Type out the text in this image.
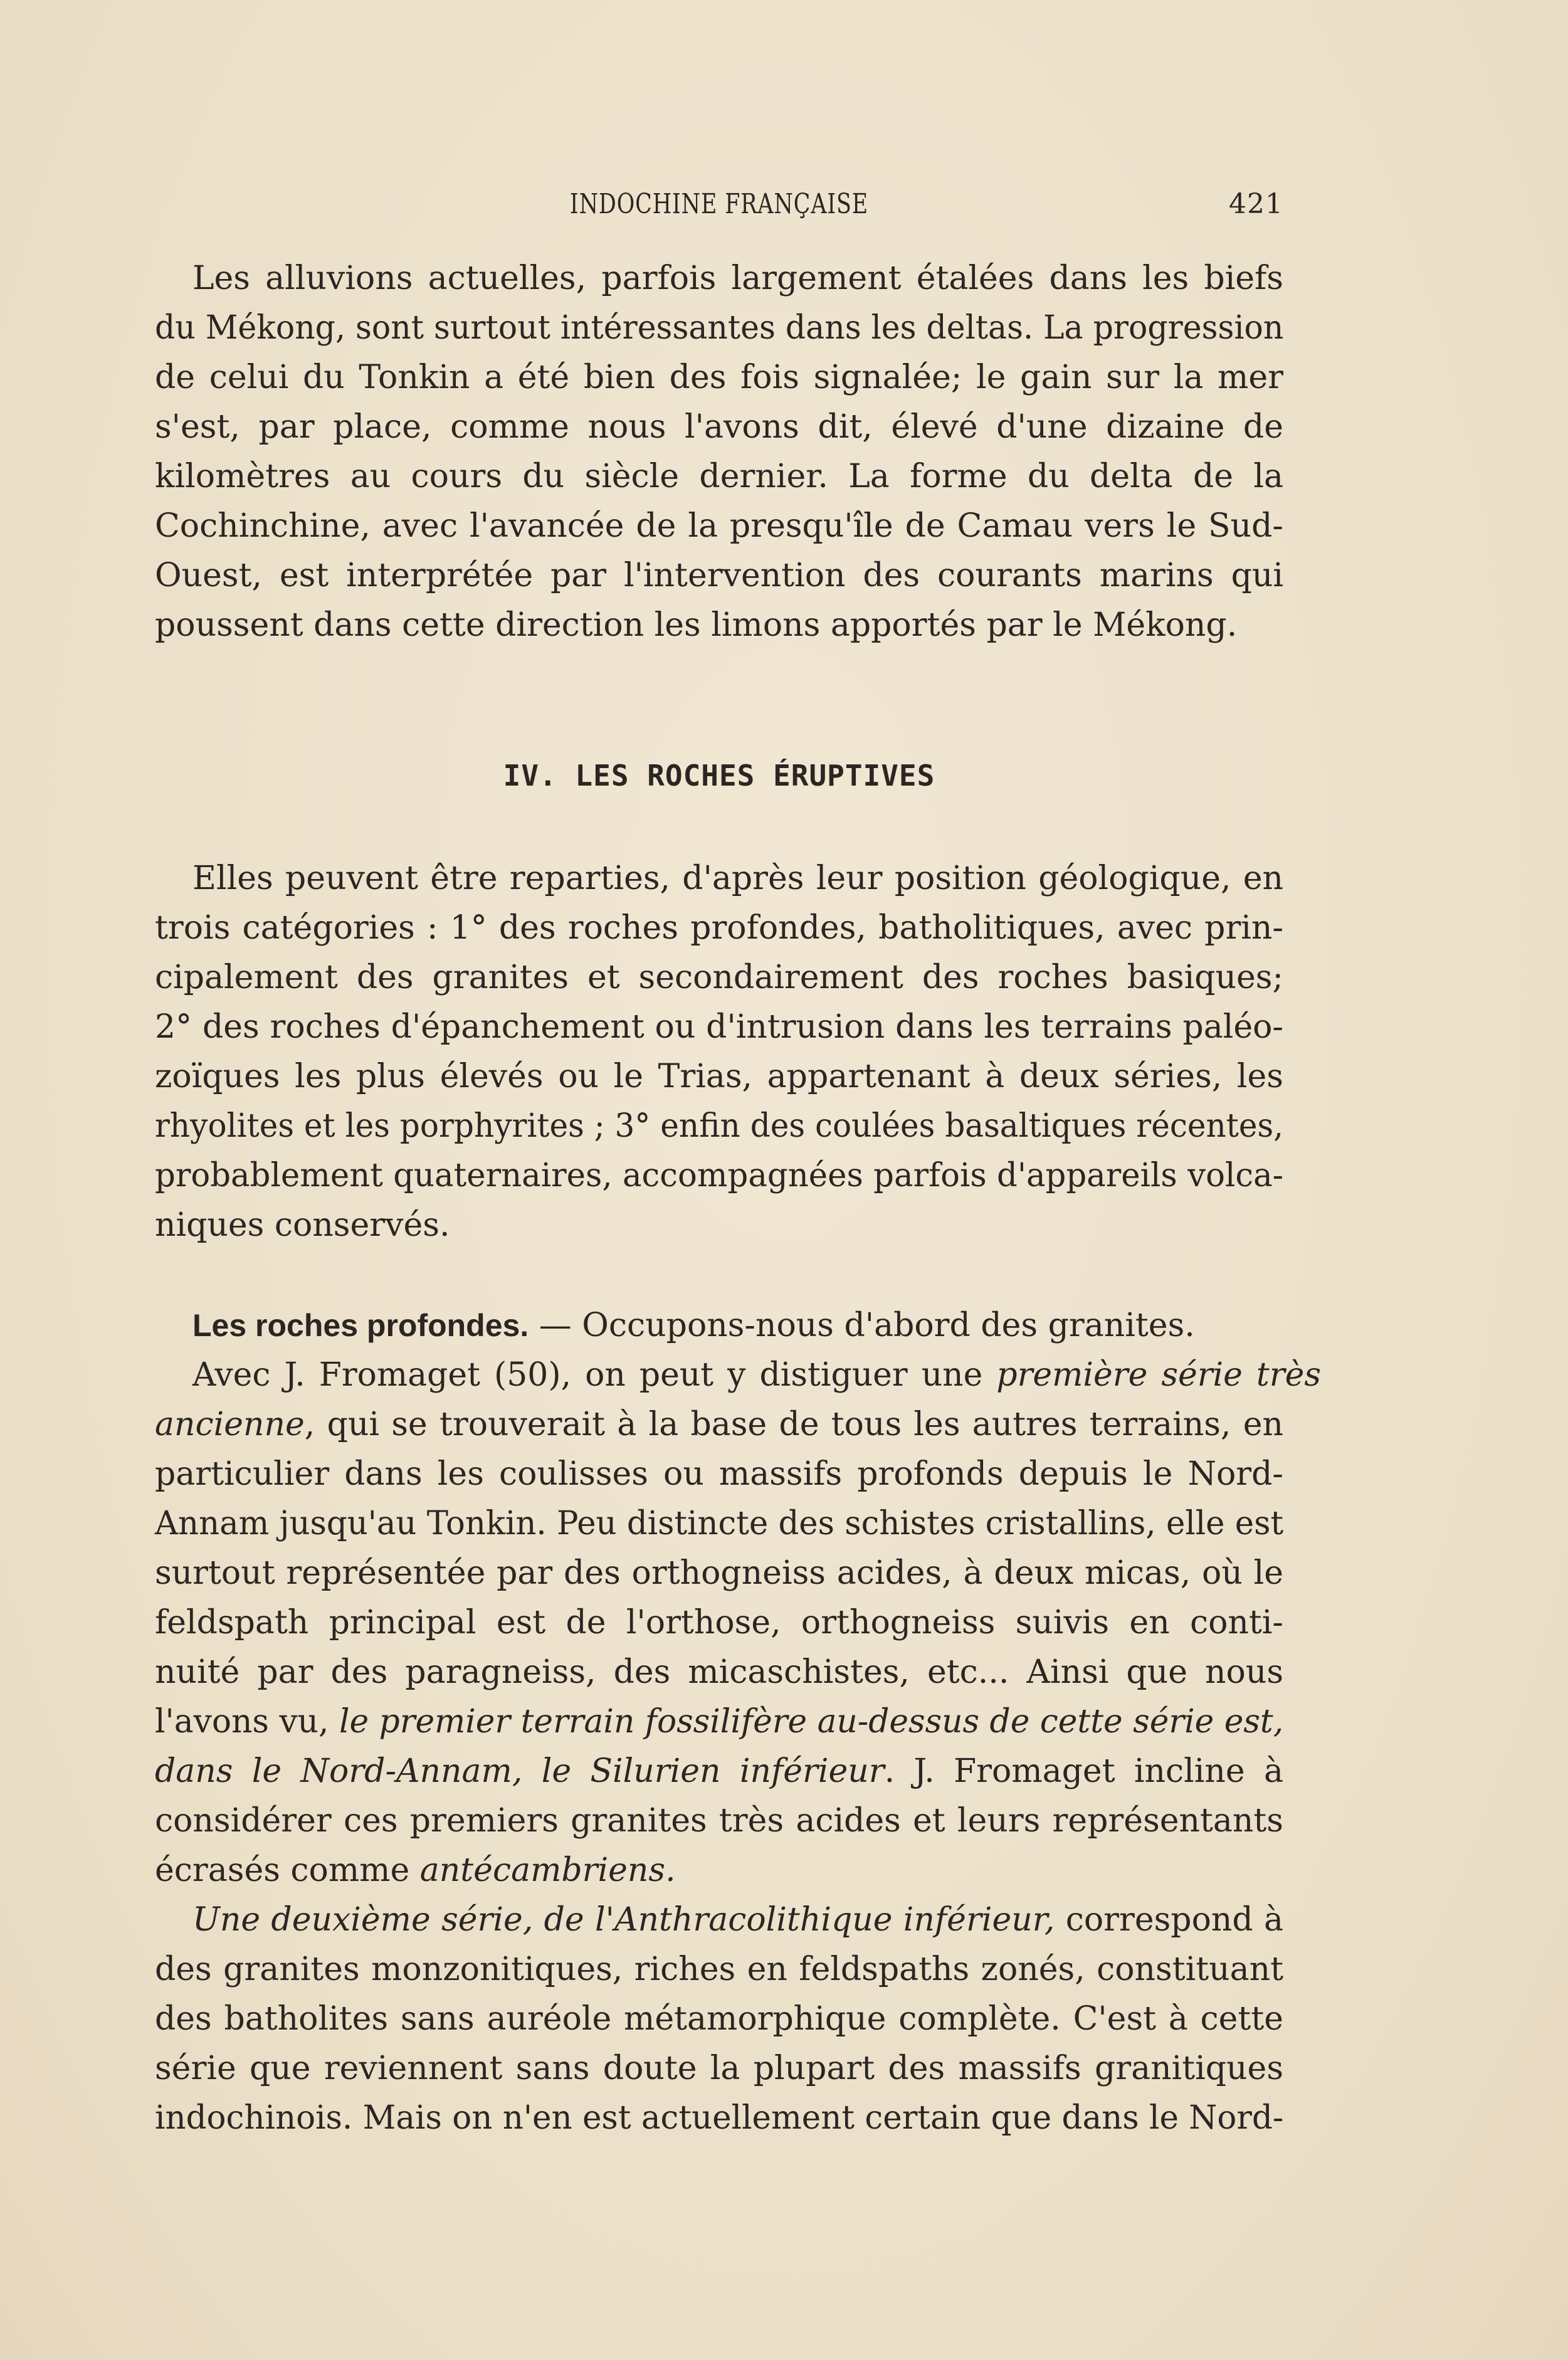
INDOCHINE FRANÇAISE	421
Les alluvions actuelles, parfois largement étalées dans les biefs
du Mékong, sont surtout intéressantes dans les deltas. La progression
de celui du Tonkin a été bien des fois signalée; le gain sur la mer
s'est, par place, comme nous l'avons dit, élevé d'une dizaine de
kilomètres au cours du siècle dernier. La forme du delta de la
Cochinchine, avec l'avancée de la presqu'île de Camau vers le Sud-
Ouest, est interprétée par l'intervention des courants marins qui
poussent dans cette direction les limons apportés par le Mékong.
IV. LES ROCHES ÉRUPTIVES
Elles peuvent être reparties, d'après leur position géologique, en
trois catégories : 1° des roches profondes, batholitiques, avec prin-
cipalement des granites et secondairement des roches basiques;
2° des roches d'épanchement ou d'intrusion dans les terrains paléo-
zoïques les plus élevés ou le Trias, appartenant à deux séries, les
rhyolites et les porphyrites ; 3° enfin des coulées basaltiques récentes,
probablement quaternaires, accompagnées parfois d'appareils volca-
niques conservés.
Les roches profondes. — Occupons-nous d'abord des granites.
Avec J. Fromaget (50), on peut y distiguer une première série très
ancienne, qui se trouverait à la base de tous les autres terrains, en
particulier dans les coulisses ou massifs profonds depuis le Nord-
Annam jusqu'au Tonkin. Peu distincte des schistes cristallins, elle est
surtout représentée par des orthogneiss acides, à deux micas, où le
feldspath principal est de l'orthose, orthogneiss suivis en conti-
nuité par des paragneiss, des micaschistes, etc... Ainsi que nous
l'avons vu, le premier terrain fossilifère au-dessus de cette série est,
dans le Nord-Annam, le Silurien inférieur. J. Fromaget incline à
considérer ces premiers granites très acides et leurs représentants
écrasés comme antécambriens.
Une deuxième série, de l'Anthracolithique inférieur, correspond à
des granites monzonitiques, riches en feldspaths zonés, constituant
des batholites sans auréole métamorphique complète. C'est à cette
série que reviennent sans doute la plupart des massifs granitiques
indochinois. Mais on n'en est actuellement certain que dans le Nord-
